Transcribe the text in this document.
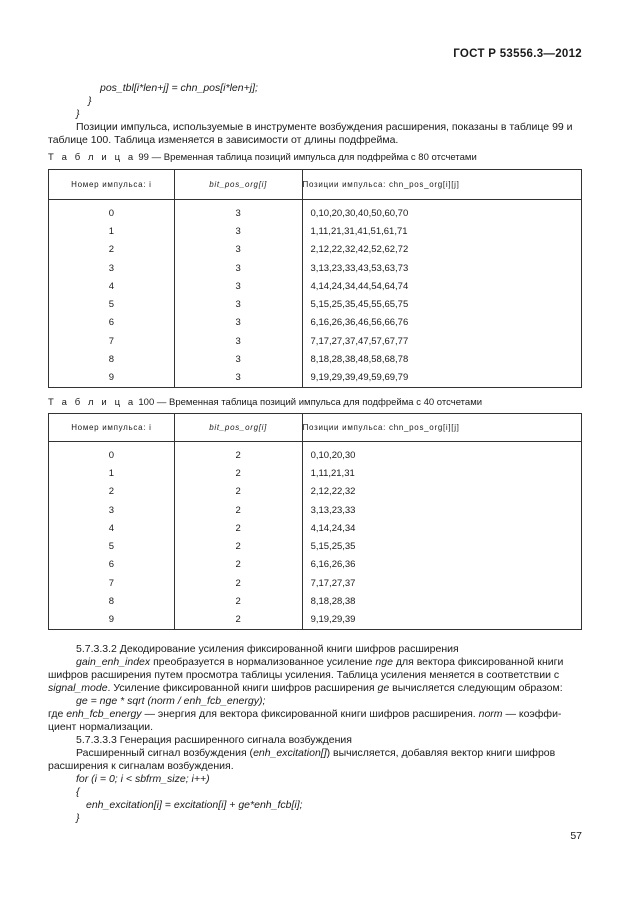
ГОСТ Р 53556.3—2012
pos_tbl[i*len+j] = chn_pos[i*len+j];
}
}
Позиции импульса, используемые в инструменте возбуждения расширения, показаны в таблице 99 и
таблице 100. Таблица изменяется в зависимости от длины подфрейма.
Т а б л и ц а 99 — Временная таблица позиций импульса для подфрейма с 80 отсчетами
Номер импульса: i	bit_pos_org[i]	Позиции импульса: chn_pos_org[i][j]
0	3	0,10,20,30,40,50,60,70
1	3	1,11,21,31,41,51,61,71
2	3	2,12,22,32,42,52,62,72
3	3	3,13,23,33,43,53,63,73
4	3	4,14,24,34,44,54,64,74
5	3	5,15,25,35,45,55,65,75
6	3	6,16,26,36,46,56,66,76
7	3	7,17,27,37,47,57,67,77
8	3	8,18,28,38,48,58,68,78
9	3	9,19,29,39,49,59,69,79
Т а б л и ц а 100 — Временная таблица позиций импульса для подфрейма с 40 отсчетами
Номер импульса: i	bit_pos_org[i]	Позиции импульса: chn_pos_org[i][j]
0	2	0,10,20,30
1	2	1,11,21,31
2	2	2,12,22,32
3	2	3,13,23,33
4	2	4,14,24,34
5	2	5,15,25,35
6	2	6,16,26,36
7	2	7,17,27,37
8	2	8,18,28,38
9	2	9,19,29,39
5.7.3.3.2 Декодирование усиления фиксированной книги шифров расширения
gain_enh_index преобразуется в нормализованное усиление nge для вектора фиксированной книги
шифров расширения путем просмотра таблицы усиления. Таблица усиления меняется в соответствии с
signal_mode. Усиление фиксированной книги шифров расширения ge вычисляется следующим образом:
ge = nge * sqrt (norm / enh_fcb_energy);
где enh_fcb_energy — энергия для вектора фиксированной книги шифров расширения. norm — коэффи-
циент нормализации.
5.7.3.3.3 Генерация расширенного сигнала возбуждения
Расширенный сигнал возбуждения (enh_excitation[]) вычисляется, добавляя вектор книги шифров
расширения к сигналам возбуждения.
for (i = 0; i < sbfrm_size; i++)
{
enh_excitation[i] = excitation[i] + ge*enh_fcb[i];
}
57
